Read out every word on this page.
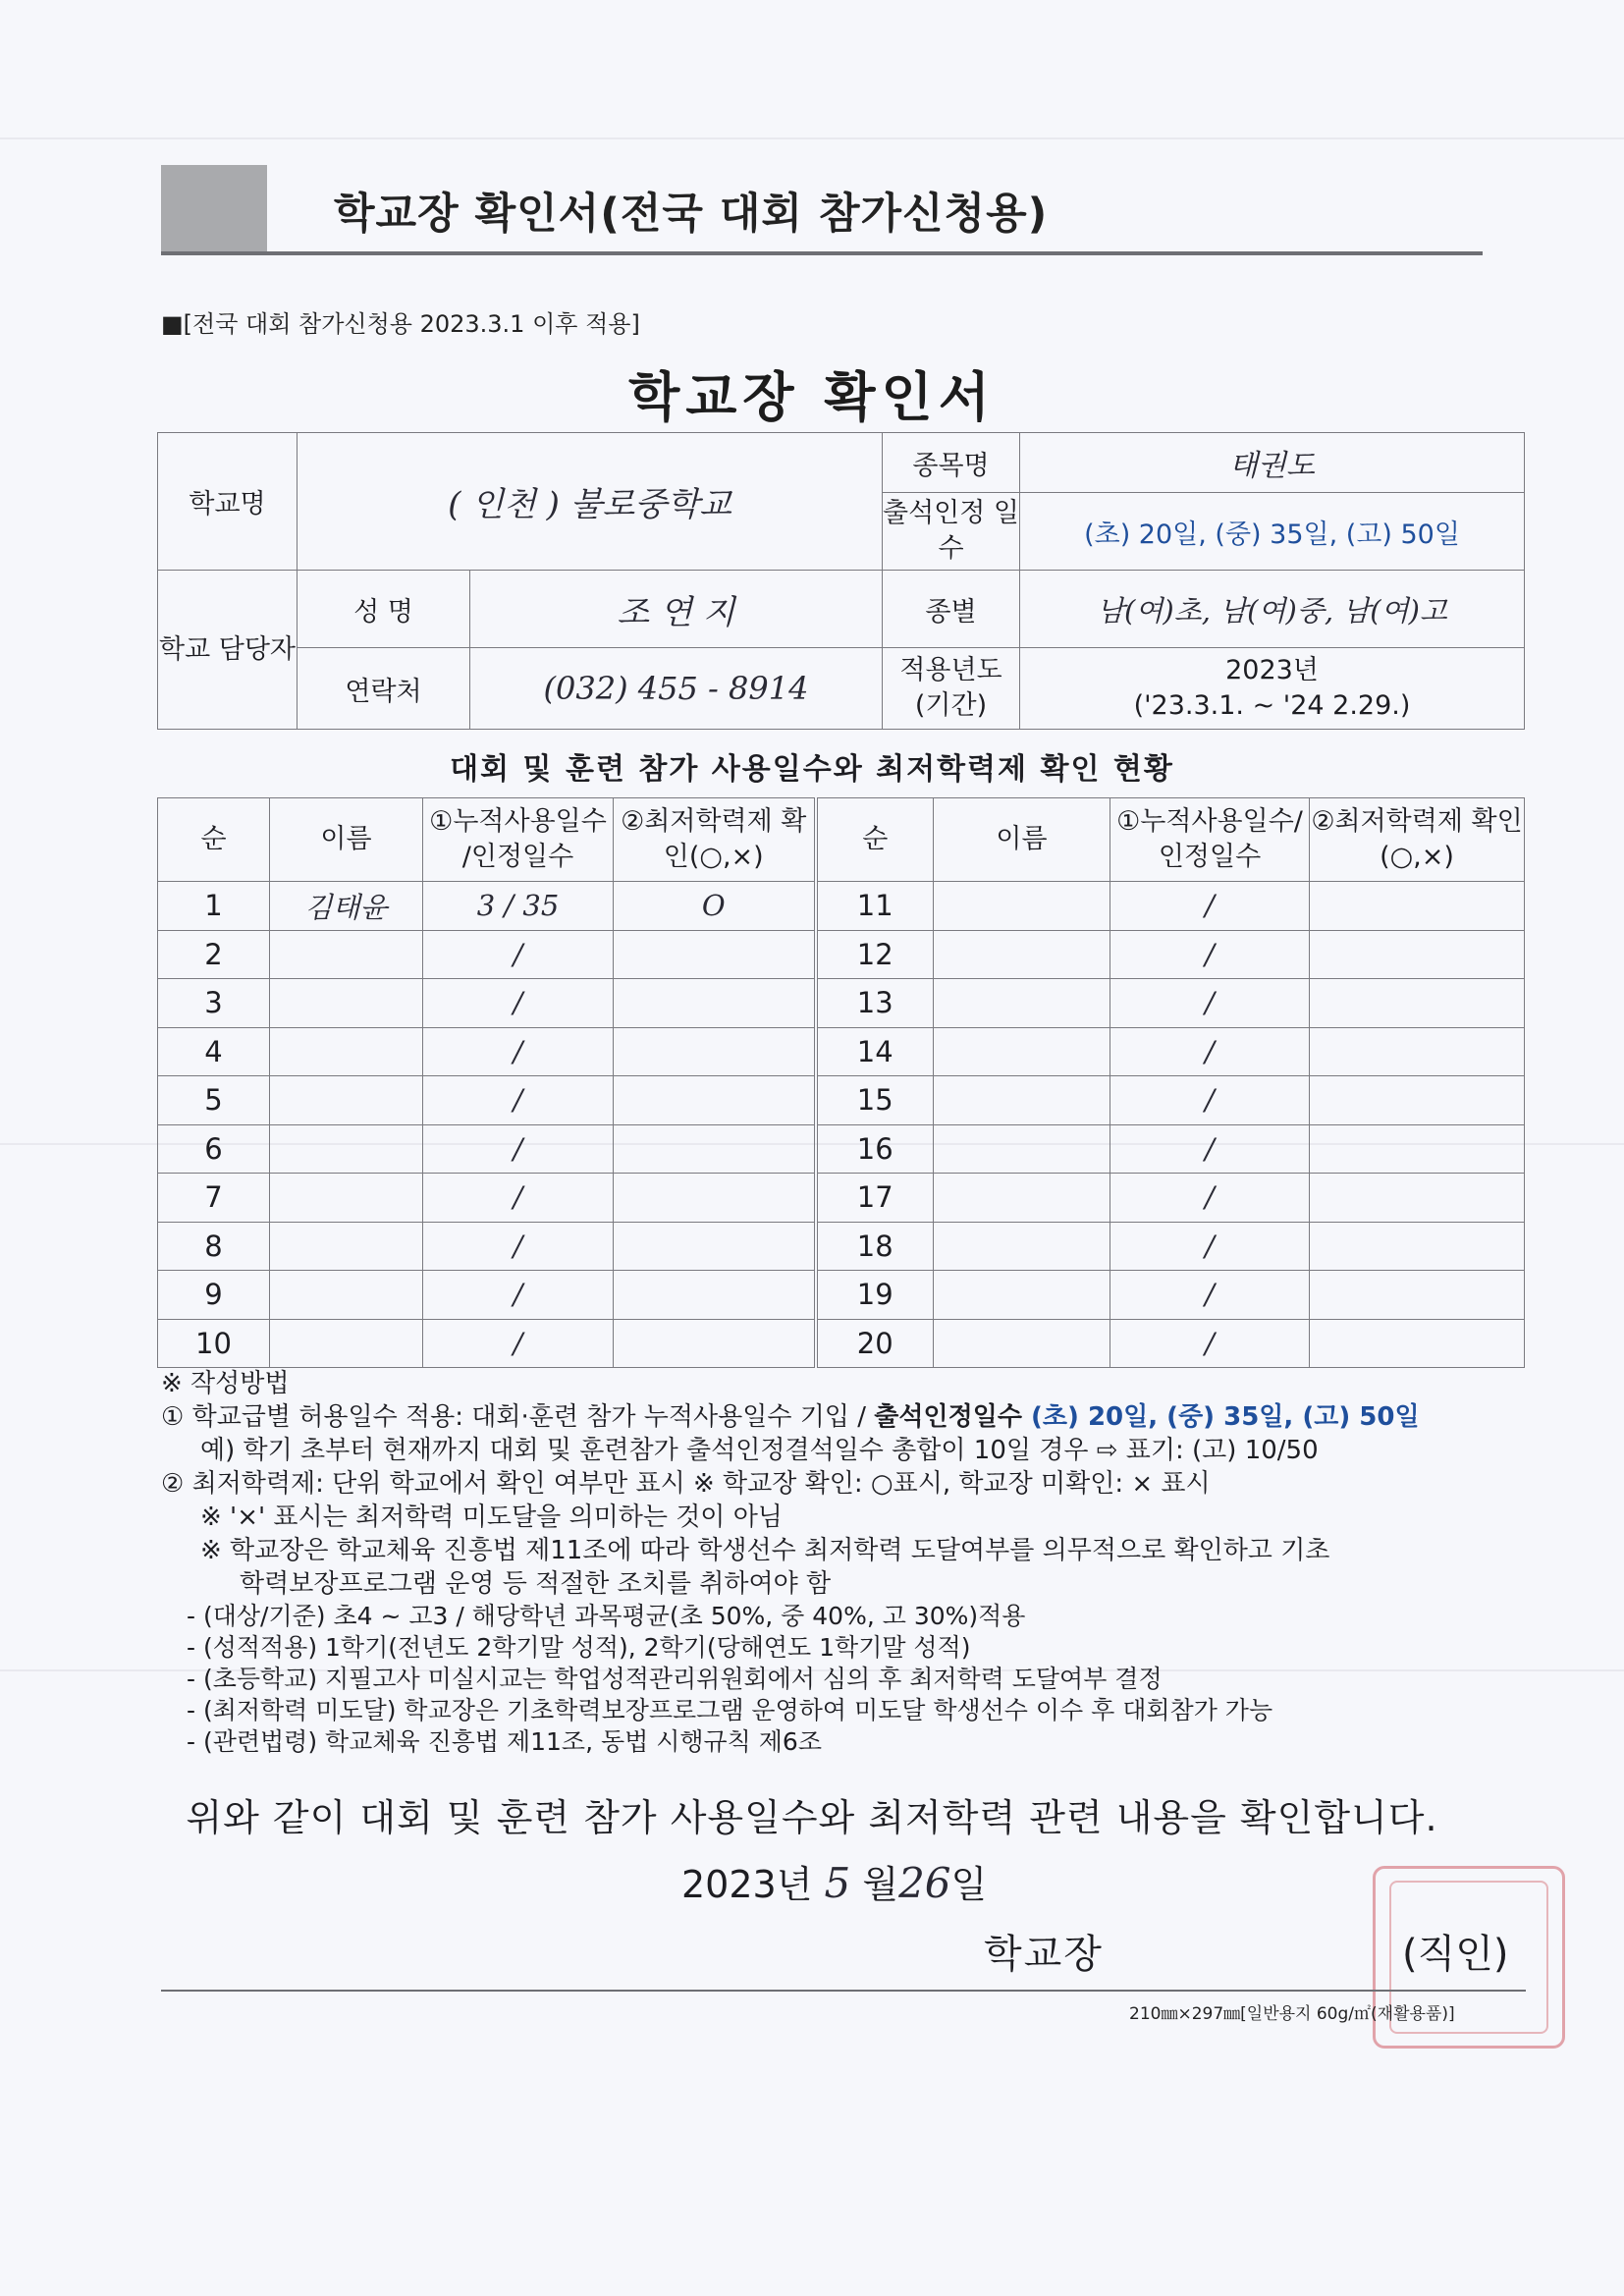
학교장 확인서(전국 대회 참가신청용)
■[전국 대회 참가신청용 2023.3.1 이후 적용]
학교장 확인서
학교명	( 인천 ) 불로중학교		종목명	태권도
			출석인정 일수	(초) 20일, (중) 35일, (고) 50일
학교 담당자	성 명	조 연 지	종별	남(여)초, 남(여)중, 남(여)고
	연락처	(032) 455 - 8914	적용년도 (기간)	2023년
('23.3.1. ~ '24 2.29.)
대회 및 훈련 참가 사용일수와 최저학력제 확인 현황
순	이름	①누적사용일수 /인정일수	②최저학력제 확인(○,×)	순	이름	①누적사용일수/ 인정일수	②최저학력제 확인(○,×)
1	김태윤	3 / 35	O	11		/	
2		/		12		/	
3		/		13		/	
4		/		14		/	
5		/		15		/	
6		/		16		/	
7		/		17		/	
8		/		18		/	
9		/		19		/	
10		/		20		/	
※ 작성방법
① 학교급별 허용일수 적용: 대회·훈련 참가 누적사용일수 기입 / 출석인정일수 (초) 20일, (중) 35일, (고) 50일
예) 학기 초부터 현재까지 대회 및 훈련참가 출석인정결석일수 총합이 10일 경우 ⇨ 표기: (고) 10/50
② 최저학력제: 단위 학교에서 확인 여부만 표시 ※ 학교장 확인: ○표시, 학교장 미확인: × 표시
※ '×' 표시는 최저학력 미도달을 의미하는 것이 아님
※ 학교장은 학교체육 진흥법 제11조에 따라 학생선수 최저학력 도달여부를 의무적으로 확인하고 기초
학력보장프로그램 운영 등 적절한 조치를 취하여야 함
- (대상/기준) 초4 ~ 고3 / 해당학년 과목평균(초 50%, 중 40%, 고 30%)적용
- (성적적용) 1학기(전년도 2학기말 성적), 2학기(당해연도 1학기말 성적)
- (초등학교) 지필고사 미실시교는 학업성적관리위원회에서 심의 후 최저학력 도달여부 결정
- (최저학력 미도달) 학교장은 기초학력보장프로그램 운영하여 미도달 학생선수 이수 후 대회참가 가능
- (관련법령) 학교체육 진흥법 제11조, 동법 시행규칙 제6조
위와 같이 대회 및 훈련 참가 사용일수와 최저학력 관련 내용을 확인합니다.
2023년 5 월26일
학교장	(직인)
210㎜×297㎜[일반용지 60g/㎡(재활용품)]
